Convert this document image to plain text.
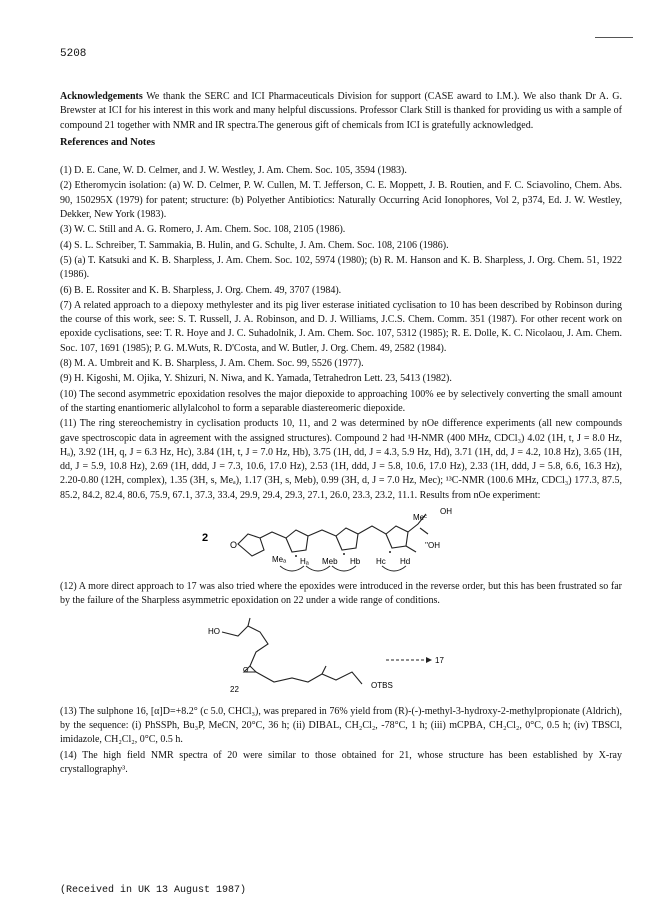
5208

Acknowledgements We thank the SERC and ICI Pharmaceuticals Division for support (CASE award to I.M.). We also thank Dr A. G. Brewster at ICI for his interest in this work and many helpful discussions. Professor Clark Still is thanked for providing us with a sample of compound 21 together with NMR and IR spectra.The generous gift of chemicals from ICI is gratefully acknowledged.

References and Notes
(1) D. E. Cane, W. D. Celmer, and J. W. Westley, J. Am. Chem. Soc. 105, 3594 (1983).
(2) Etheromycin isolation: (a) W. D. Celmer, P. W. Cullen, M. T. Jefferson, C. E. Moppett, J. B. Routien, and F. C. Sciavolino, Chem. Abs. 90, 150295X (1979) for patent; structure: (b) Polyether Antibiotics: Naturally Occurring Acid Ionophores, Vol 2, p374, Ed. J. W. Westley, Dekker, New York (1983).
(3) W. C. Still and A. G. Romero, J. Am. Chem. Soc. 108, 2105 (1986).
(4) S. L. Schreiber, T. Sammakia, B. Hulin, and G. Schulte, J. Am. Chem. Soc. 108, 2106 (1986).
(5) (a) T. Katsuki and K. B. Sharpless, J. Am. Chem. Soc. 102, 5974 (1980); (b) R. M. Hanson and K. B. Sharpless, J. Org. Chem. 51, 1922 (1986).
(6) B. E. Rossiter and K. B. Sharpless, J. Org. Chem. 49, 3707 (1984).
(7) A related approach to a diepoxy methylester and its pig liver esterase initiated cyclisation to 10 has been described by Robinson during the course of this work, see: S. T. Russell, J. A. Robinson, and D. J. Williams, J.C.S. Chem. Comm. 351 (1987). For other recent work on epoxide cyclisations, see: T. R. Hoye and J. C. Suhadolnik, J. Am. Chem. Soc. 107, 5312 (1985); R. E. Dolle, K. C. Nicolaou, J. Am. Chem. Soc. 107, 1691 (1985); P. G. M.Wuts, R. D'Costa, and W. Butler, J. Org. Chem. 49, 2582 (1984).
(8) M. A. Umbreit and K. B. Sharpless, J. Am. Chem. Soc. 99, 5526 (1977).
(9) H. Kigoshi, M. Ojika, Y. Shizuri, N. Niwa, and K. Yamada, Tetrahedron Lett. 23, 5413 (1982).
(10) The second asymmetric epoxidation resolves the major diepoxide to approaching 100% ee by selectively converting the small amount of the starting enantiomeric allylalcohol to form a separable diastereomeric diepoxide.
(11) The ring stereochemistry in cyclisation products 10, 11, and 2 was determined by nOe difference experiments (all new compounds gave spectroscopic data in agreement with the assigned structures). Compound 2 had ¹H-NMR (400 MHz, CDCl₃) 4.02 (1H, t, J = 8.0 Hz, Hₐ), 3.92 (1H, q, J = 6.3 Hz, Hc), 3.84 (1H, t, J = 7.0 Hz, Hb), 3.75 (1H, dd, J = 4.3, 5.9 Hz, Hd), 3.71 (1H, dd, J = 4.2, 10.8 Hz), 3.65 (1H, dd, J = 5.9, 10.8 Hz), 2.69 (1H, ddd, J = 7.3, 10.6, 17.0 Hz), 2.53 (1H, ddd, J = 5.8, 10.6, 17.0 Hz), 2.33 (1H, ddd, J = 5.8, 6.6, 16.3 Hz), 2.20-0.80 (12H, complex), 1.35 (3H, s, Meₐ), 1.17 (3H, s, Meb), 0.99 (3H, d, J = 7.0 Hz, Mec); ¹³C-NMR (100.6 MHz, CDCl₃) 177.3, 87.5, 85.2, 84.2, 82.4, 80.6, 75.9, 67.1, 37.3, 33.4, 29.9, 29.4, 29.3, 27.1, 26.0, 23.3, 23.2, 11.1. Results from nOe experiment:
2
O
OH
Meᶜ
''OH
Meₐ Hₐ Meb Hb Hc Hd
(12) A more direct approach to 17 was also tried where the epoxides were introduced in the reverse order, but this has been frustrated so far by the failure of the Sharpless asymmetric epoxidation on 22 under a wide range of conditions.
HO
22
O
OTBS
17
(13) The sulphone 16, [α]D=+8.2° (c 5.0, CHCl₃), was prepared in 76% yield from (R)-(-)-methyl-3-hydroxy-2-methylpropionate (Aldrich), by the sequence: (i) PhSSPh, Bu₃P, MeCN, 20°C, 36 h; (ii) DIBAL, CH₂Cl₂, -78°C, 1 h; (iii) mCPBA, CH₂Cl₂, 0°C, 0.5 h; (iv) TBSCl, imidazole, CH₂Cl₂, 0°C, 0.5 h.
(14) The high field NMR spectra of 20 were similar to those obtained for 21, whose structure has been established by X-ray crystallography³.
(Received in UK 13 August 1987)
